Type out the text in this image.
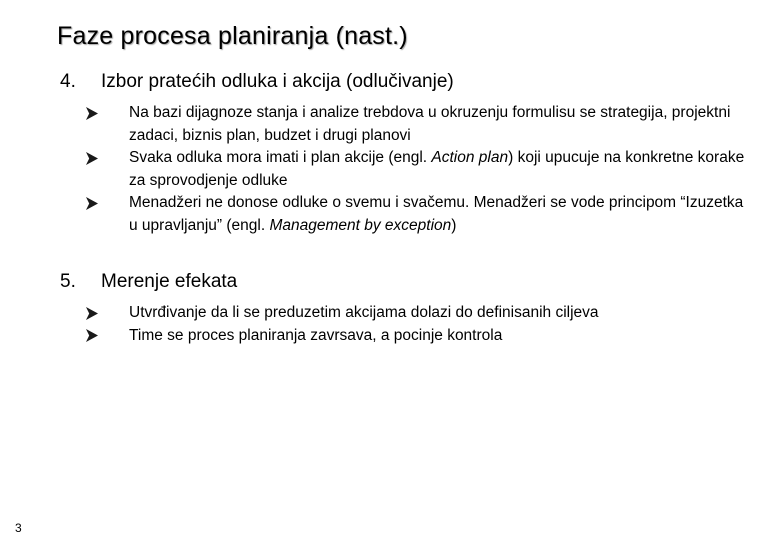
Faze procesa planiranja (nast.)
4.	Izbor pratećih odluka i akcija (odlučivanje)
Na bazi dijagnoze stanja i analize trebdova u okruzenju formulisu se strategija, projektni zadaci, biznis plan, budzet i drugi planovi
Svaka odluka mora imati i plan akcije (engl. Action plan) koji upucuje na konkretne korake za sprovodjenje odluke
Menadžeri ne donose odluke o svemu i svačemu. Menadžeri se vode principom “Izuzetka u upravljanju” (engl. Management by exception)
5.	Merenje efekata
Utvrđivanje da li se preduzetim akcijama dolazi do definisanih ciljeva
Time se proces planiranja zavrsava, a pocinje kontrola
3
